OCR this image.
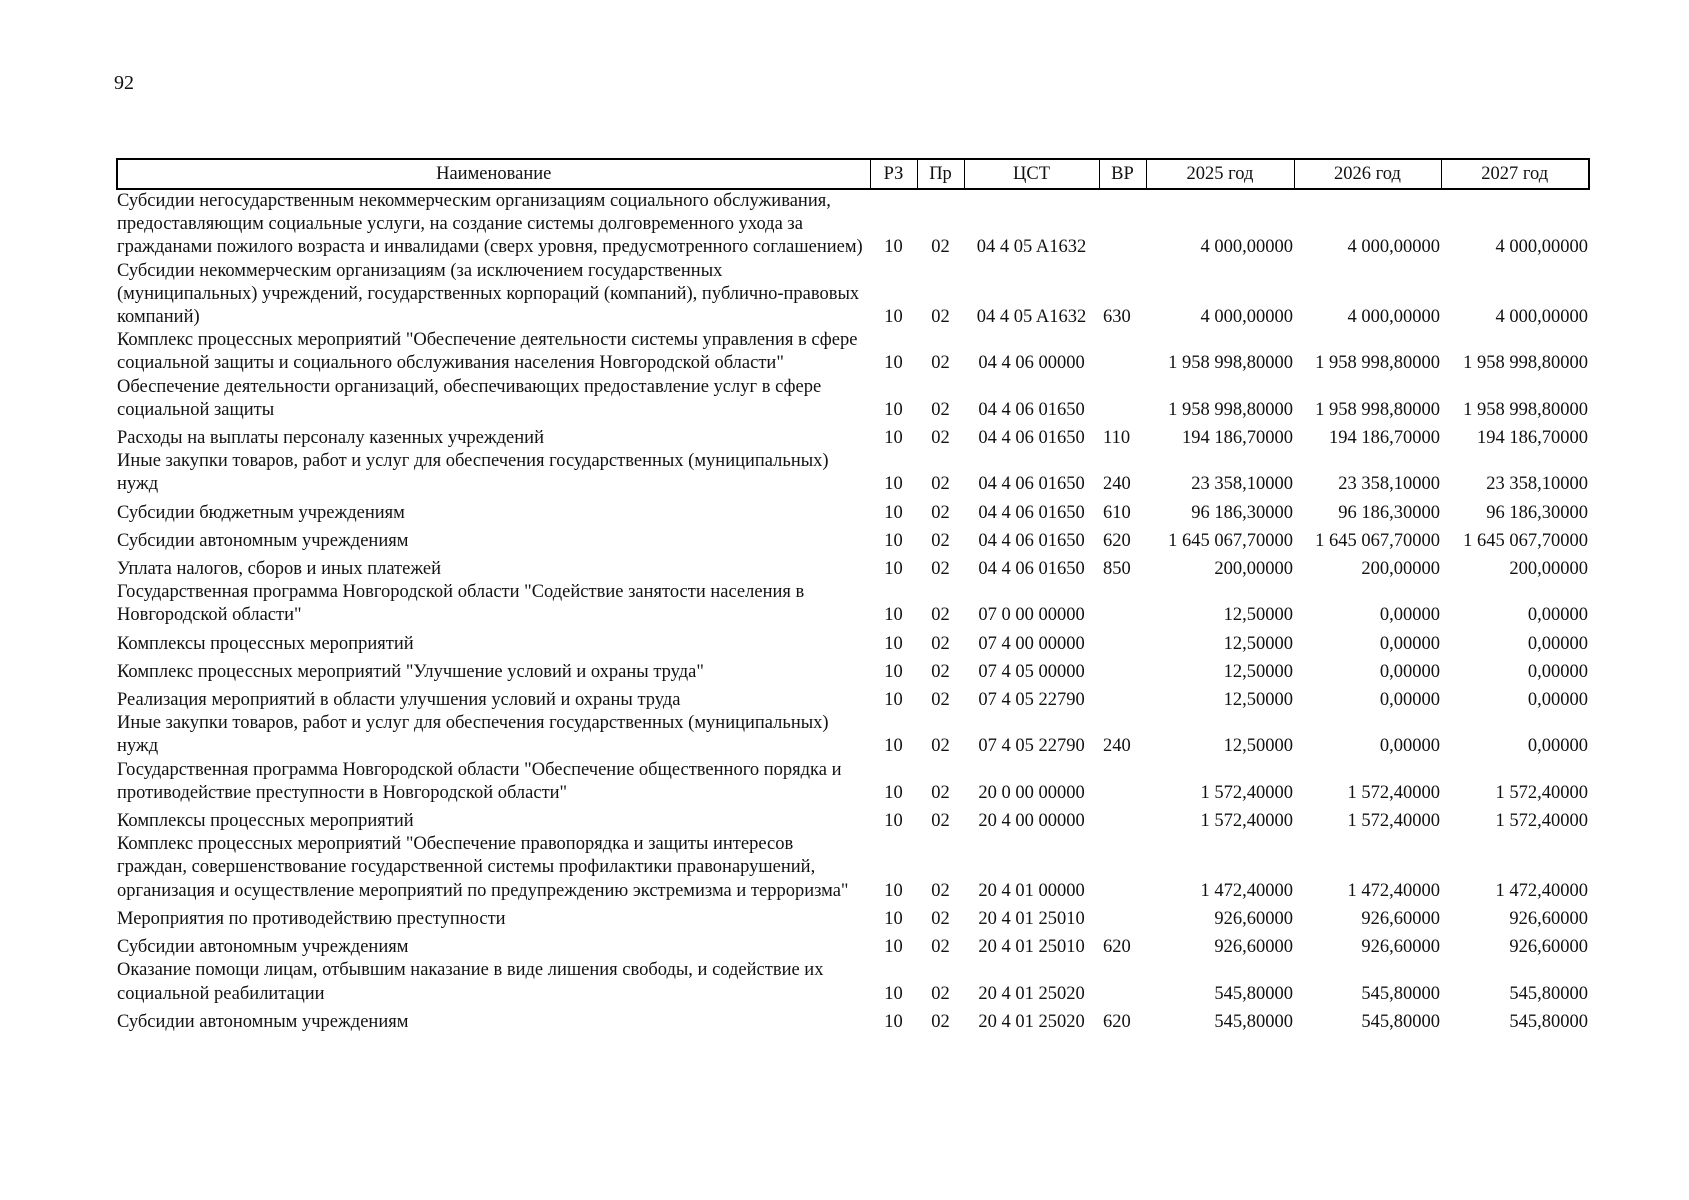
92
Наименование	РЗ	Пр	ЦСТ	ВР	2025 год	2026 год	2027 год
Субсидии негосударственным некоммерческим организациям социального обслуживания, предоставляющим социальные услуги, на создание системы долговременного ухода за гражданами пожилого возраста и инвалидами (сверх уровня, предусмотренного соглашением)	10	02	04 4 05 A1632		4 000,00000	4 000,00000	4 000,00000
Субсидии некоммерческим организациям (за исключением государственных (муниципальных) учреждений, государственных корпораций (компаний), публично-правовых компаний)	10	02	04 4 05 A1632	630	4 000,00000	4 000,00000	4 000,00000
Комплекс процессных мероприятий "Обеспечение деятельности системы управления в сфере социальной защиты и социального обслуживания населения Новгородской области"	10	02	04 4 06 00000		1 958 998,80000	1 958 998,80000	1 958 998,80000
Обеспечение деятельности организаций, обеспечивающих предоставление услуг в сфере социальной защиты	10	02	04 4 06 01650		1 958 998,80000	1 958 998,80000	1 958 998,80000
Расходы на выплаты персоналу казенных учреждений	10	02	04 4 06 01650	110	194 186,70000	194 186,70000	194 186,70000
Иные закупки товаров, работ и услуг для обеспечения государственных (муниципальных) нужд	10	02	04 4 06 01650	240	23 358,10000	23 358,10000	23 358,10000
Субсидии бюджетным учреждениям	10	02	04 4 06 01650	610	96 186,30000	96 186,30000	96 186,30000
Субсидии автономным учреждениям	10	02	04 4 06 01650	620	1 645 067,70000	1 645 067,70000	1 645 067,70000
Уплата налогов, сборов и иных платежей	10	02	04 4 06 01650	850	200,00000	200,00000	200,00000
Государственная программа Новгородской области "Содействие занятости населения в Новгородской области"	10	02	07 0 00 00000		12,50000	0,00000	0,00000
Комплексы процессных мероприятий	10	02	07 4 00 00000		12,50000	0,00000	0,00000
Комплекс процессных мероприятий "Улучшение условий и охраны труда"	10	02	07 4 05 00000		12,50000	0,00000	0,00000
Реализация мероприятий в области улучшения условий и охраны труда	10	02	07 4 05 22790		12,50000	0,00000	0,00000
Иные закупки товаров, работ и услуг для обеспечения государственных (муниципальных) нужд	10	02	07 4 05 22790	240	12,50000	0,00000	0,00000
Государственная программа Новгородской области "Обеспечение общественного порядка и противодействие преступности в Новгородской области"	10	02	20 0 00 00000		1 572,40000	1 572,40000	1 572,40000
Комплексы процессных мероприятий	10	02	20 4 00 00000		1 572,40000	1 572,40000	1 572,40000
Комплекс процессных мероприятий "Обеспечение правопорядка и защиты интересов граждан, совершенствование государственной системы профилактики правонарушений, организация и осуществление мероприятий по предупреждению экстремизма и терроризма"	10	02	20 4 01 00000		1 472,40000	1 472,40000	1 472,40000
Мероприятия по противодействию преступности	10	02	20 4 01 25010		926,60000	926,60000	926,60000
Субсидии автономным учреждениям	10	02	20 4 01 25010	620	926,60000	926,60000	926,60000
Оказание помощи лицам, отбывшим наказание в виде лишения свободы, и содействие их социальной реабилитации	10	02	20 4 01 25020		545,80000	545,80000	545,80000
Субсидии автономным учреждениям	10	02	20 4 01 25020	620	545,80000	545,80000	545,80000
